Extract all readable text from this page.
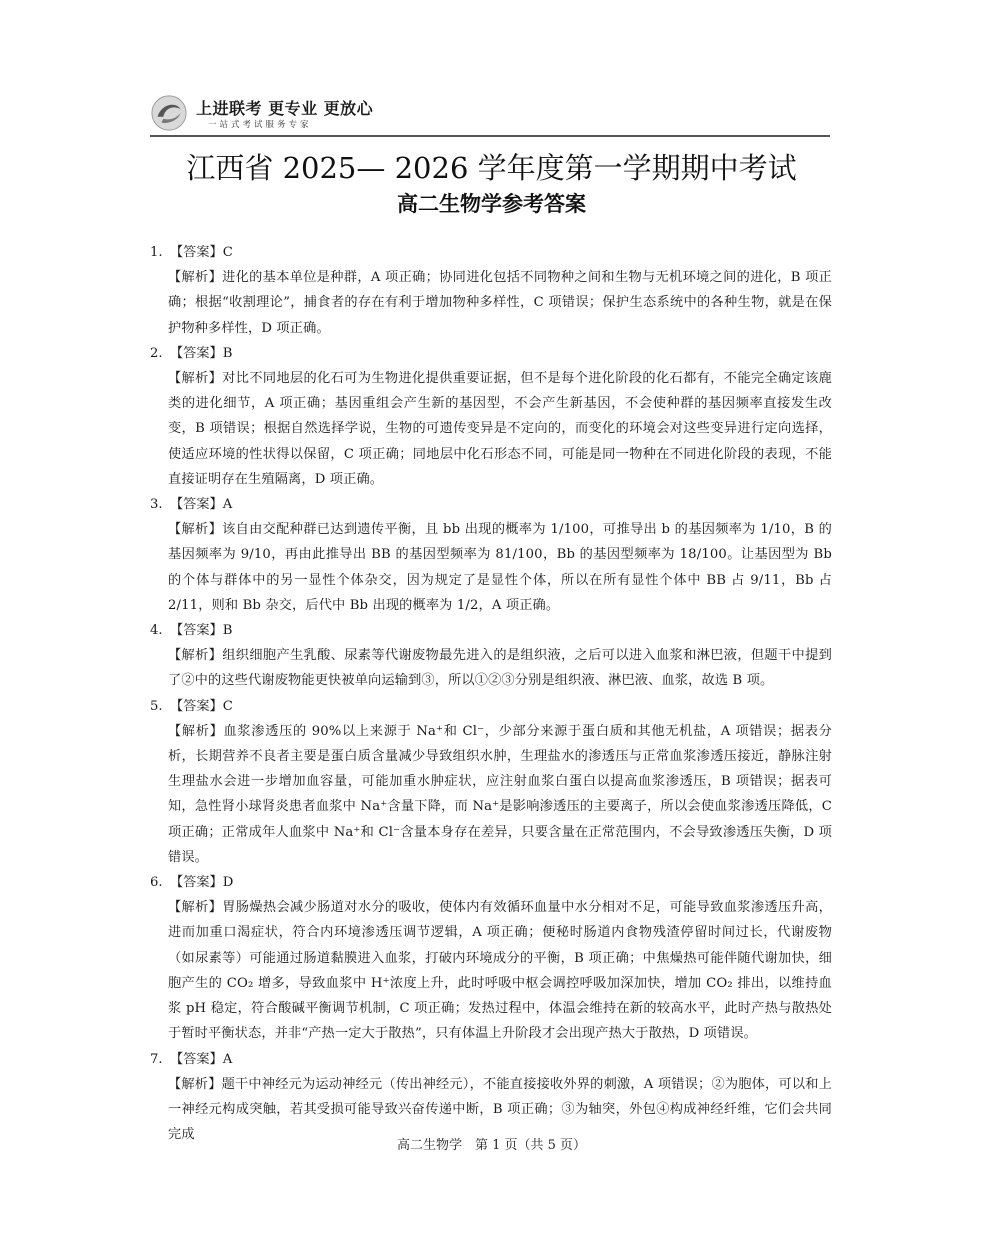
上进联考 更专业 更放心
一站式考试服务专家
江西省 2025— 2026 学年度第一学期期中考试
高二生物学参考答案

1. 【答案】C

【解析】进化的基本单位是种群，A 项正确；协同进化包括不同物种之间和生物与无机环境之间的进化，B 项正确；根据“收割理论”，捕食者的存在有利于增加物种多样性，C 项错误；保护生态系统中的各种生物，就是在保护物种多样性，D 项正确。

2. 【答案】B

【解析】对比不同地层的化石可为生物进化提供重要证据，但不是每个进化阶段的化石都有，不能完全确定该鹿类的进化细节，A 项正确；基因重组会产生新的基因型，不会产生新基因，不会使种群的基因频率直接发生改变，B 项错误；根据自然选择学说，生物的可遗传变异是不定向的，而变化的环境会对这些变异进行定向选择，使适应环境的性状得以保留，C 项正确；同地层中化石形态不同，可能是同一物种在不同进化阶段的表现，不能直接证明存在生殖隔离，D 项正确。

3. 【答案】A

【解析】该自由交配种群已达到遗传平衡，且 bb 出现的概率为 1/100，可推导出 b 的基因频率为 1/10，B 的基因频率为 9/10，再由此推导出 BB 的基因型频率为 81/100，Bb 的基因型频率为 18/100。让基因型为 Bb 的个体与群体中的另一显性个体杂交，因为规定了是显性个体，所以在所有显性个体中 BB 占 9/11，Bb 占 2/11，则和 Bb 杂交，后代中 Bb 出现的概率为 1/2，A 项正确。

4. 【答案】B

【解析】组织细胞产生乳酸、尿素等代谢废物最先进入的是组织液，之后可以进入血浆和淋巴液，但题干中提到了②中的这些代谢废物能更快被单向运输到③，所以①②③分别是组织液、淋巴液、血浆，故选 B 项。

5. 【答案】C

【解析】血浆渗透压的 90%以上来源于 Na⁺和 Cl⁻，少部分来源于蛋白质和其他无机盐，A 项错误；据表分析，长期营养不良者主要是蛋白质含量减少导致组织水肿，生理盐水的渗透压与正常血浆渗透压接近，静脉注射生理盐水会进一步增加血容量，可能加重水肿症状，应注射血浆白蛋白以提高血浆渗透压，B 项错误；据表可知，急性肾小球肾炎患者血浆中 Na⁺含量下降，而 Na⁺是影响渗透压的主要离子，所以会使血浆渗透压降低，C 项正确；正常成年人血浆中 Na⁺和 Cl⁻含量本身存在差异，只要含量在正常范围内，不会导致渗透压失衡，D 项错误。

6. 【答案】D

【解析】胃肠燥热会减少肠道对水分的吸收，使体内有效循环血量中水分相对不足，可能导致血浆渗透压升高，进而加重口渴症状，符合内环境渗透压调节逻辑，A 项正确；便秘时肠道内食物残渣停留时间过长，代谢废物（如尿素等）可能通过肠道黏膜进入血浆，打破内环境成分的平衡，B 项正确；中焦燥热可能伴随代谢加快，细胞产生的 CO₂ 增多，导致血浆中 H⁺浓度上升，此时呼吸中枢会调控呼吸加深加快，增加 CO₂ 排出，以维持血浆 pH 稳定，符合酸碱平衡调节机制，C 项正确；发热过程中，体温会维持在新的较高水平，此时产热与散热处于暂时平衡状态，并非“产热一定大于散热”，只有体温上升阶段才会出现产热大于散热，D 项错误。

7. 【答案】A

【解析】题干中神经元为运动神经元（传出神经元），不能直接接收外界的刺激，A 项错误；②为胞体，可以和上一神经元构成突触，若其受损可能导致兴奋传递中断，B 项正确；③为轴突，外包④构成神经纤维，它们会共同完成

高二生物学　第 1 页（共 5 页）
